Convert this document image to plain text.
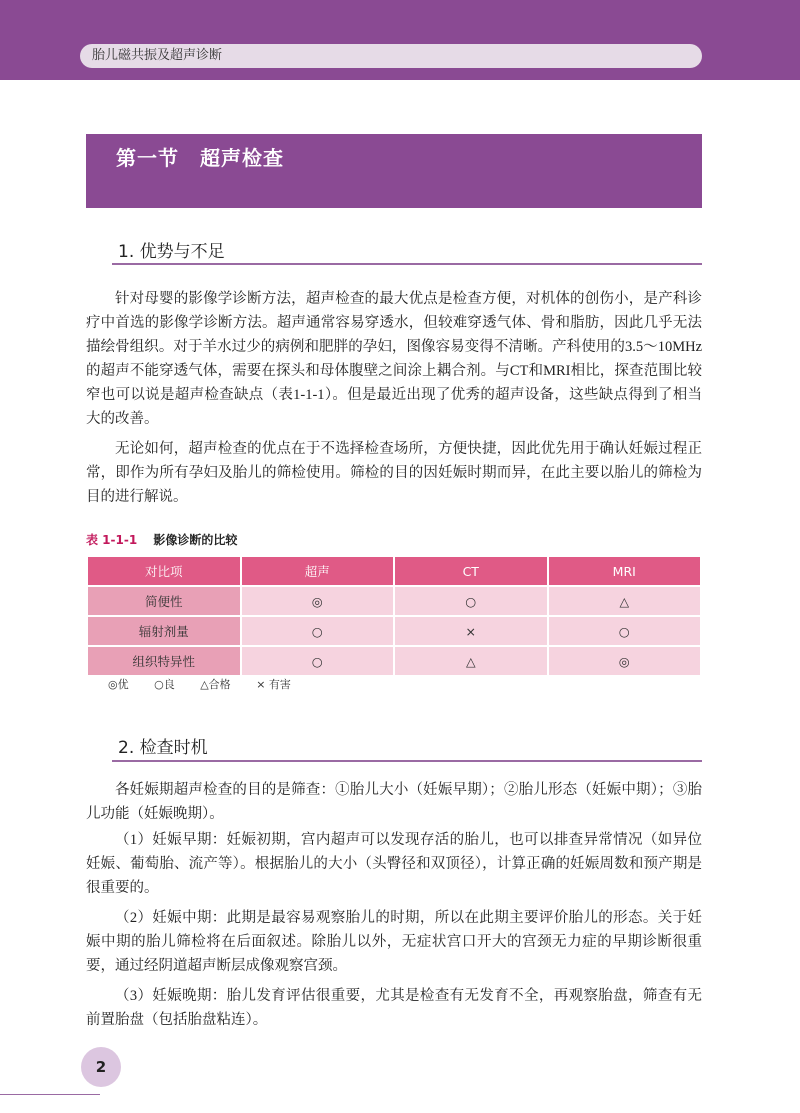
胎儿磁共振及超声诊断
第一节　超声检查
1. 优势与不足

针对母婴的影像学诊断方法，超声检查的最大优点是检查方便，对机体的创伤小，是产科诊疗中首选的影像学诊断方法。超声通常容易穿透水，但较难穿透气体、骨和脂肪，因此几乎无法描绘骨组织。对于羊水过少的病例和肥胖的孕妇，图像容易变得不清晰。产科使用的3.5～10MHz的超声不能穿透气体，需要在探头和母体腹壁之间涂上耦合剂。与CT和MRI相比，探查范围比较窄也可以说是超声检查缺点（表1-1-1）。但是最近出现了优秀的超声设备，这些缺点得到了相当大的改善。

无论如何，超声检查的优点在于不选择检查场所，方便快捷，因此优先用于确认妊娠过程正常，即作为所有孕妇及胎儿的筛检使用。筛检的目的因妊娠时期而异，在此主要以胎儿的筛检为目的进行解说。

表 1-1-1 影像诊断的比较
对比项	超声	CT	MRI
简便性	◎	○	△
辐射剂量	○	×	○
组织特异性	○	△	◎
◎优 ○良 △合格 × 有害
2. 检查时机

各妊娠期超声检查的目的是筛查：①胎儿大小（妊娠早期）；②胎儿形态（妊娠中期）；③胎儿功能（妊娠晚期）。

（1）妊娠早期：妊娠初期，宫内超声可以发现存活的胎儿，也可以排查异常情况（如异位妊娠、葡萄胎、流产等）。根据胎儿的大小（头臀径和双顶径），计算正确的妊娠周数和预产期是很重要的。

（2）妊娠中期：此期是最容易观察胎儿的时期，所以在此期主要评价胎儿的形态。关于妊娠中期的胎儿筛检将在后面叙述。除胎儿以外，无症状宫口开大的宫颈无力症的早期诊断很重要，通过经阴道超声断层成像观察宫颈。

（3）妊娠晚期：胎儿发育评估很重要，尤其是检查有无发育不全，再观察胎盘，筛查有无前置胎盘（包括胎盘粘连）。

2
